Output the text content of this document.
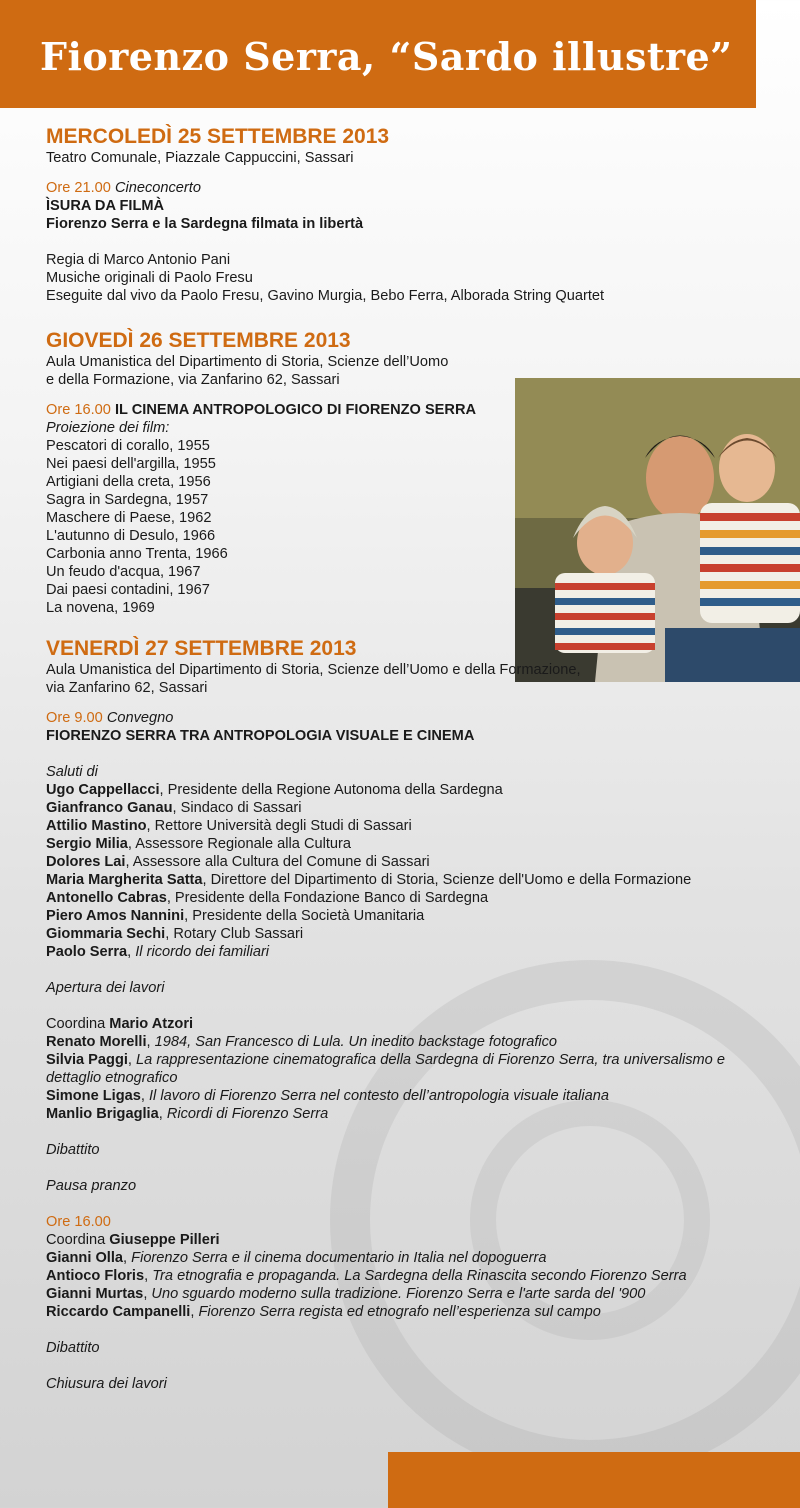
Fiorenzo Serra, “Sardo illustre”

MERCOLEDÌ 25 SETTEMBRE 2013

Teatro Comunale, Piazzale Cappuccini, Sassari

Ore 21.00 Cineconcerto

ÌSURA DA FILMÀ

Fiorenzo Serra e la Sardegna filmata in libertà

Regia di Marco Antonio Pani

Musiche originali di Paolo Fresu

Eseguite dal vivo da Paolo Fresu, Gavino Murgia, Bebo Ferra, Alborada String Quartet

GIOVEDÌ 26 SETTEMBRE 2013

Aula Umanistica del Dipartimento di Storia, Scienze dell’Uomo

e della Formazione, via Zanfarino 62, Sassari

Ore 16.00 IL CINEMA ANTROPOLOGICO DI FIORENZO SERRA

Proiezione dei film:

Pescatori di corallo, 1955

Nei paesi dell'argilla, 1955

Artigiani della creta, 1956

Sagra in Sardegna, 1957

Maschere di Paese, 1962

L'autunno di Desulo, 1966

Carbonia anno Trenta, 1966

Un feudo d'acqua, 1967

Dai paesi contadini, 1967

La novena, 1969

VENERDÌ 27 SETTEMBRE 2013

Aula Umanistica del Dipartimento di Storia, Scienze dell’Uomo e della Formazione,

via Zanfarino 62, Sassari

Ore 9.00 Convegno

FIORENZO SERRA TRA ANTROPOLOGIA VISUALE E CINEMA

Saluti di

Ugo Cappellacci, Presidente della Regione Autonoma della Sardegna

Gianfranco Ganau, Sindaco di Sassari

Attilio Mastino, Rettore Università degli Studi di Sassari

Sergio Milia, Assessore Regionale alla Cultura

Dolores Lai, Assessore alla Cultura del Comune di Sassari

Maria Margherita Satta, Direttore del Dipartimento di Storia, Scienze dell'Uomo e della Formazione

Antonello Cabras, Presidente della Fondazione Banco di Sardegna

Piero Amos Nannini, Presidente della Società Umanitaria

Giommaria Sechi, Rotary Club Sassari

Paolo Serra, Il ricordo dei familiari

Apertura dei lavori

Coordina Mario Atzori

Renato Morelli, 1984, San Francesco di Lula. Un inedito backstage fotografico

Silvia Paggi, La rappresentazione cinematografica della Sardegna di Fiorenzo Serra, tra universalismo e dettaglio etnografico

Simone Ligas, Il lavoro di Fiorenzo Serra nel contesto dell’antropologia visuale italiana

Manlio Brigaglia, Ricordi di Fiorenzo Serra

Dibattito

Pausa pranzo

Ore 16.00

Coordina Giuseppe Pilleri

Gianni Olla, Fiorenzo Serra e il cinema documentario in Italia nel dopoguerra

Antioco Floris, Tra etnografia e propaganda. La Sardegna della Rinascita secondo Fiorenzo Serra

Gianni Murtas, Uno sguardo moderno sulla tradizione. Fiorenzo Serra e l'arte sarda del '900

Riccardo Campanelli, Fiorenzo Serra regista ed etnografo nell’esperienza sul campo

Dibattito

Chiusura dei lavori
